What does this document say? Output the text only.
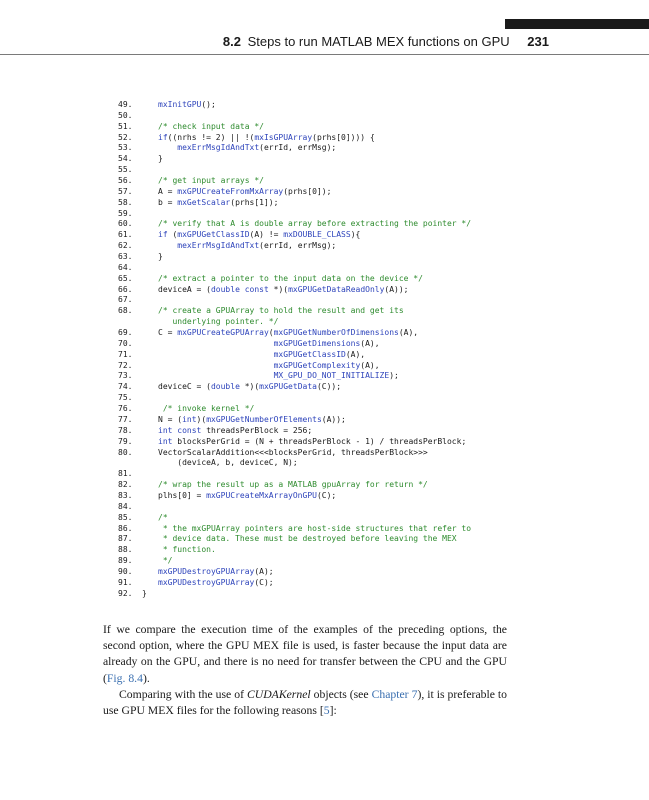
8.2 Steps to run MATLAB MEX functions on GPU 231
49.	mxInitGPU();
50.
51.	/* check input data */
52.	if((nrhs != 2) || !(mxIsGPUArray(prhs[0]))) {
53.	mexErrMsgIdAndTxt(errId, errMsg);
54.	}
55.
56.	/* get input arrays */
57.	A = mxGPUCreateFromMxArray(prhs[0]);
58.	b = mxGetScalar(prhs[1]);
59.
60.	/* verify that A is double array before extracting the pointer */
61.	if (mxGPUGetClassID(A) != mxDOUBLE_CLASS){
62.	mexErrMsgIdAndTxt(errId, errMsg);
63.	}
64.
65.	/* extract a pointer to the input data on the device */
66.	deviceA = (double const *)(mxGPUGetDataReadOnly(A));
67.
68.	/* create a GPUArray to hold the result and get its
underlying pointer. */
69.	C = mxGPUCreateGPUArray(mxGPUGetNumberOfDimensions(A),
70.	mxGPUGetDimensions(A),
71.	mxGPUGetClassID(A),
72.	mxGPUGetComplexity(A),
73.	MX_GPU_DO_NOT_INITIALIZE);
74.	deviceC = (double *)(mxGPUGetData(C));
75.
76.	/* invoke kernel */
77.	N = (int)(mxGPUGetNumberOfElements(A));
78.	int const threadsPerBlock = 256;
79.	int blocksPerGrid = (N + threadsPerBlock - 1) / threadsPerBlock;
80.	VectorScalarAddition<<<blocksPerGrid, threadsPerBlock>>>
(deviceA, b, deviceC, N);
81.
82.	/* wrap the result up as a MATLAB gpuArray for return */
83.	plhs[0] = mxGPUCreateMxArrayOnGPU(C);
84.
85.	/*
86.	* the mxGPUArray pointers are host-side structures that refer to
87.	* device data. These must be destroyed before leaving the MEX
88.	* function.
89.	*/
90.	mxGPUDestroyGPUArray(A);
91.	mxGPUDestroyGPUArray(C);
92. }

If we compare the execution time of the examples of the preceding options, the second option, where the GPU MEX file is used, is faster because the input data are already on the GPU, and there is no need for transfer between the CPU and the GPU (Fig. 8.4).

Comparing with the use of CUDAKernel objects (see Chapter 7), it is preferable to use GPU MEX files for the following reasons [5]:
